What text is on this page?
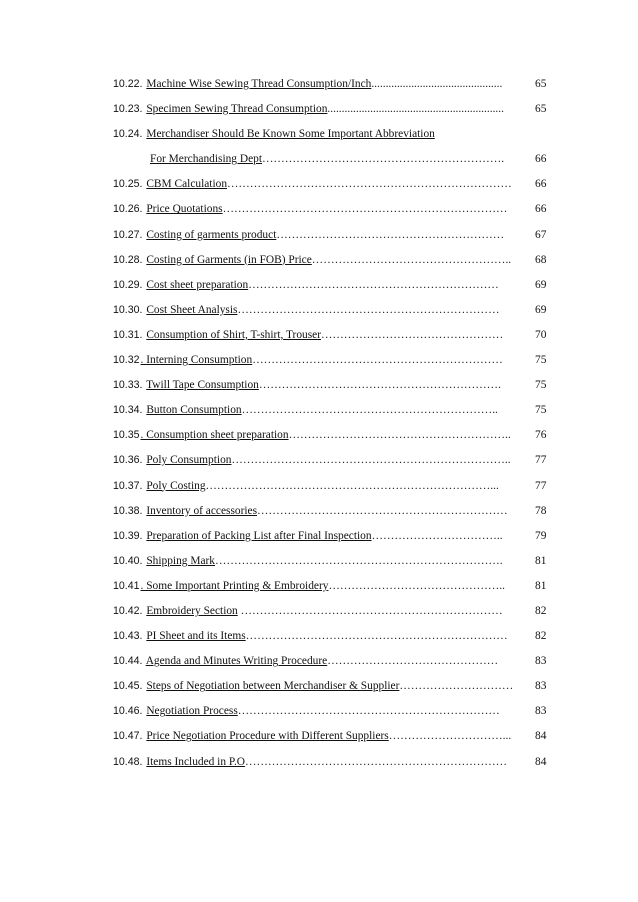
10.22. Machine Wise Sewing Thread Consumption/Inch..............................................	65
10.23. Specimen Sewing Thread Consumption..............................................................	65
10.24. Merchandiser Should Be Known Some Important Abbreviation
For Merchandising Dept……………………………………………………….	66
10.25. CBM Calculation…………………………………………………………………	66
10.26. Price Quotations…………………………………………………………………	66
10.27. Costing of garments product……………………………………………………	67
10.28. Costing of Garments (in FOB) Price……………………………………………..	68
10.29. Cost sheet preparation…………………………………………………………	69
10.30. Cost Sheet Analysis……………………………………………………………	69
10.31. Consumption of Shirt, T-shirt, Trouser…………………………………………	70
10.32. Interning Consumption…………………………………………………………	75
10.33. Twill Tape Consumption……………………………………………………….	75
10.34. Button Consumption…………………………………………………………..	75
10.35. Consumption sheet preparation…………………………………………………..	76
10.36. Poly Consumption………………………………………………………………..	77
10.37. Poly Costing…………………………………………………………………...	77
10.38. Inventory of accessories…………………………………………………………	78
10.39. Preparation of Packing List after Final Inspection……………………………..	79
10.40. Shipping Mark………………………………………………………………….	81
10.41. Some Important Printing & Embroidery………………………………………..	81
10.42. Embroidery Section ……………………………………………………………	82
10.43. PI Sheet and its Items……………………………………………………………	82
10.44. Agenda and Minutes Writing Procedure………………………………………	83
10.45. Steps of Negotiation between Merchandiser & Supplier…………………………	83
10.46. Negotiation Process……………………………………………………………	83
10.47. Price Negotiation Procedure with Different Suppliers…………………………...	84
10.48. Items Included in P.O……………………………………………………………	84
